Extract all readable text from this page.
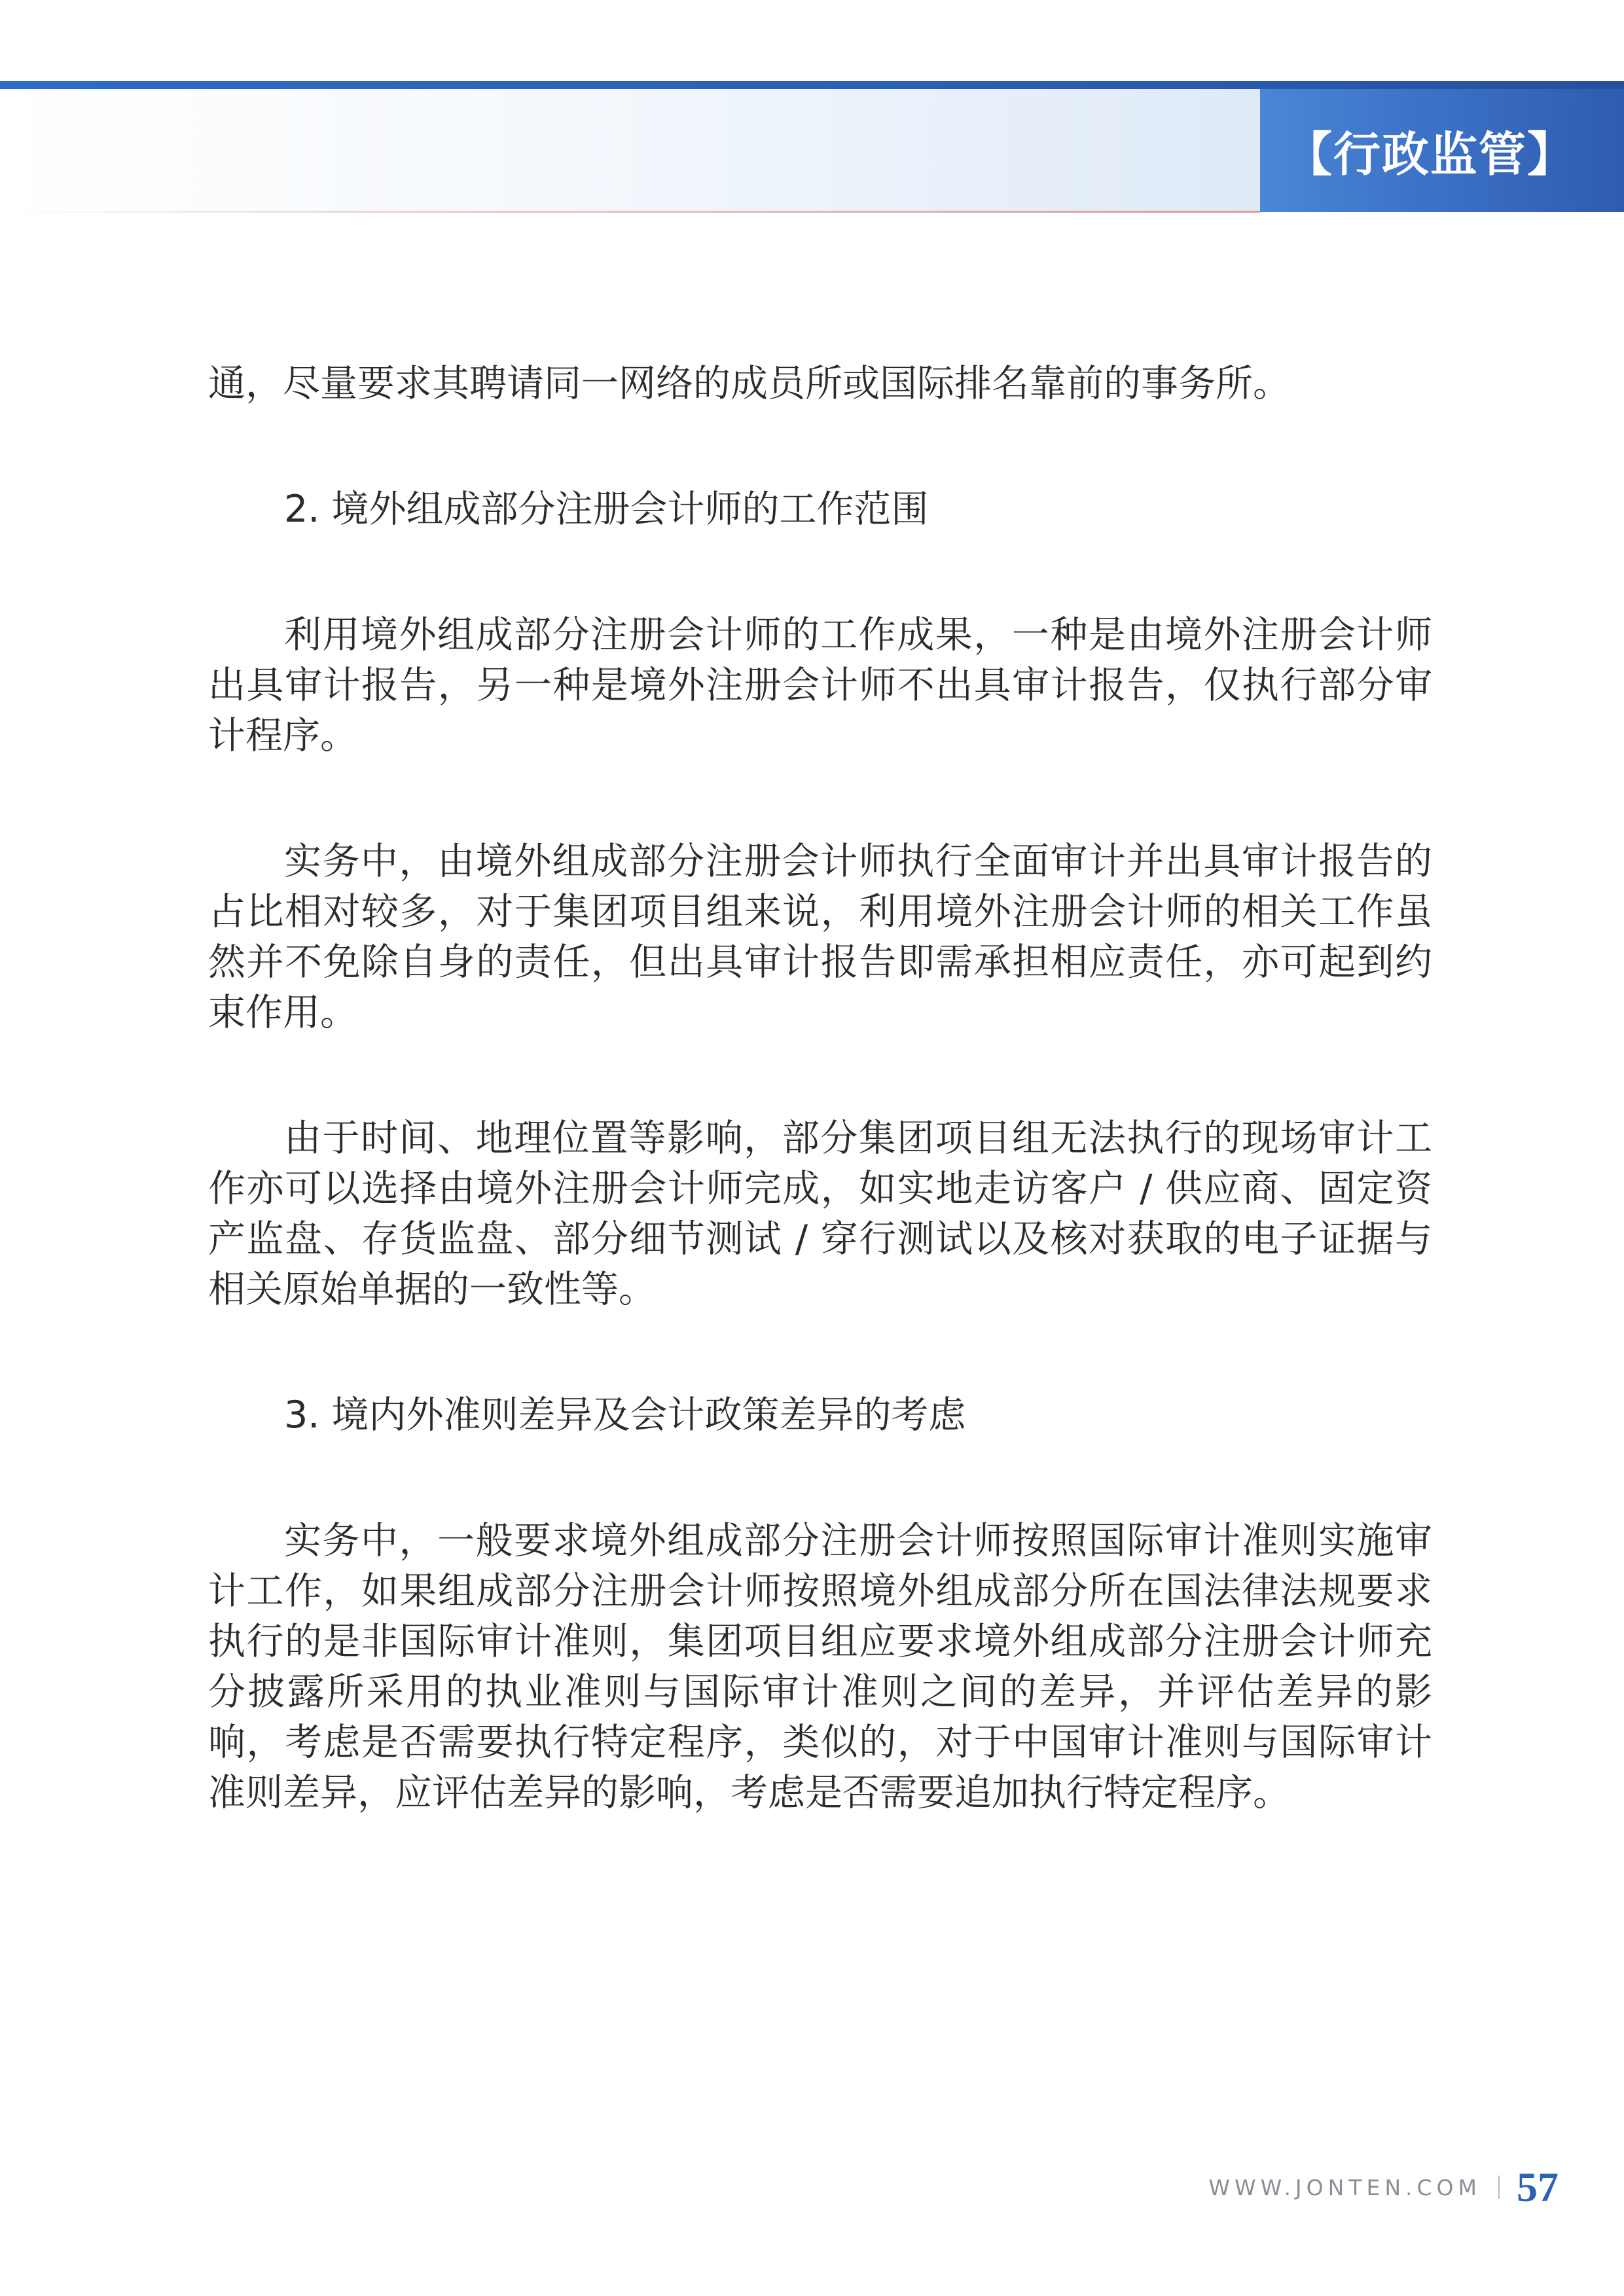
【行政监管】

通，尽量要求其聘请同一网络的成员所或国际排名靠前的事务所。

2. 境外组成部分注册会计师的工作范围

利用境外组成部分注册会计师的工作成果，一种是由境外注册会计师出具审计报告，另一种是境外注册会计师不出具审计报告，仅执行部分审计程序。

实务中，由境外组成部分注册会计师执行全面审计并出具审计报告的占比相对较多，对于集团项目组来说，利用境外注册会计师的相关工作虽然并不免除自身的责任，但出具审计报告即需承担相应责任，亦可起到约束作用。

由于时间、地理位置等影响，部分集团项目组无法执行的现场审计工作亦可以选择由境外注册会计师完成，如实地走访客户 / 供应商、固定资产监盘、存货监盘、部分细节测试 / 穿行测试以及核对获取的电子证据与相关原始单据的一致性等。

3. 境内外准则差异及会计政策差异的考虑

实务中，一般要求境外组成部分注册会计师按照国际审计准则实施审计工作，如果组成部分注册会计师按照境外组成部分所在国法律法规要求执行的是非国际审计准则，集团项目组应要求境外组成部分注册会计师充分披露所采用的执业准则与国际审计准则之间的差异，并评估差异的影响，考虑是否需要执行特定程序，类似的，对于中国审计准则与国际审计准则差异，应评估差异的影响，考虑是否需要追加执行特定程序。

WWW.JONTEN.COM 57
